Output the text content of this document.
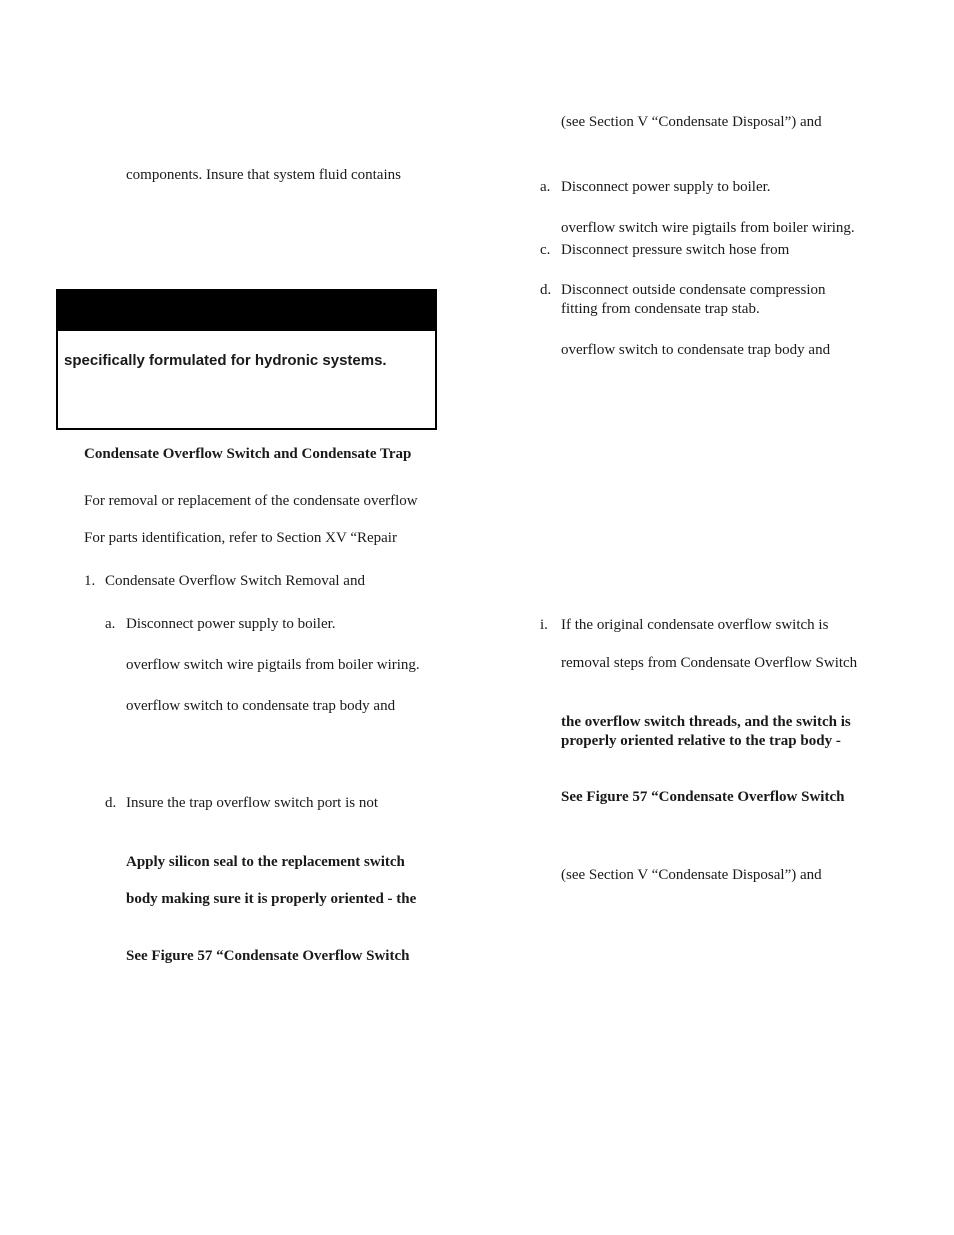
components. Insure that system fluid contains
specifically formulated for hydronic systems.
Condensate Overflow Switch and Condensate Trap
For removal or replacement of the condensate overflow
For parts identification, refer to Section XV “Repair
1. Condensate Overflow Switch Removal and
a. Disconnect power supply to boiler.
overflow switch wire pigtails from boiler wiring.
overflow switch to condensate trap body and
d. Insure the trap overflow switch port is not
Apply silicon seal to the replacement switch
body making sure it is properly oriented - the
See Figure 57 “Condensate Overflow Switch
(see Section V “Condensate Disposal”) and
a. Disconnect power supply to boiler.
overflow switch wire pigtails from boiler wiring.
c. Disconnect pressure switch hose from
d. Disconnect outside condensate compression
fitting from condensate trap stab.
overflow switch to condensate trap body and
i. If the original condensate overflow switch is
removal steps from Condensate Overflow Switch
the overflow switch threads, and the switch is
properly oriented relative to the trap body -
See Figure 57 “Condensate Overflow Switch
(see Section V “Condensate Disposal”) and
